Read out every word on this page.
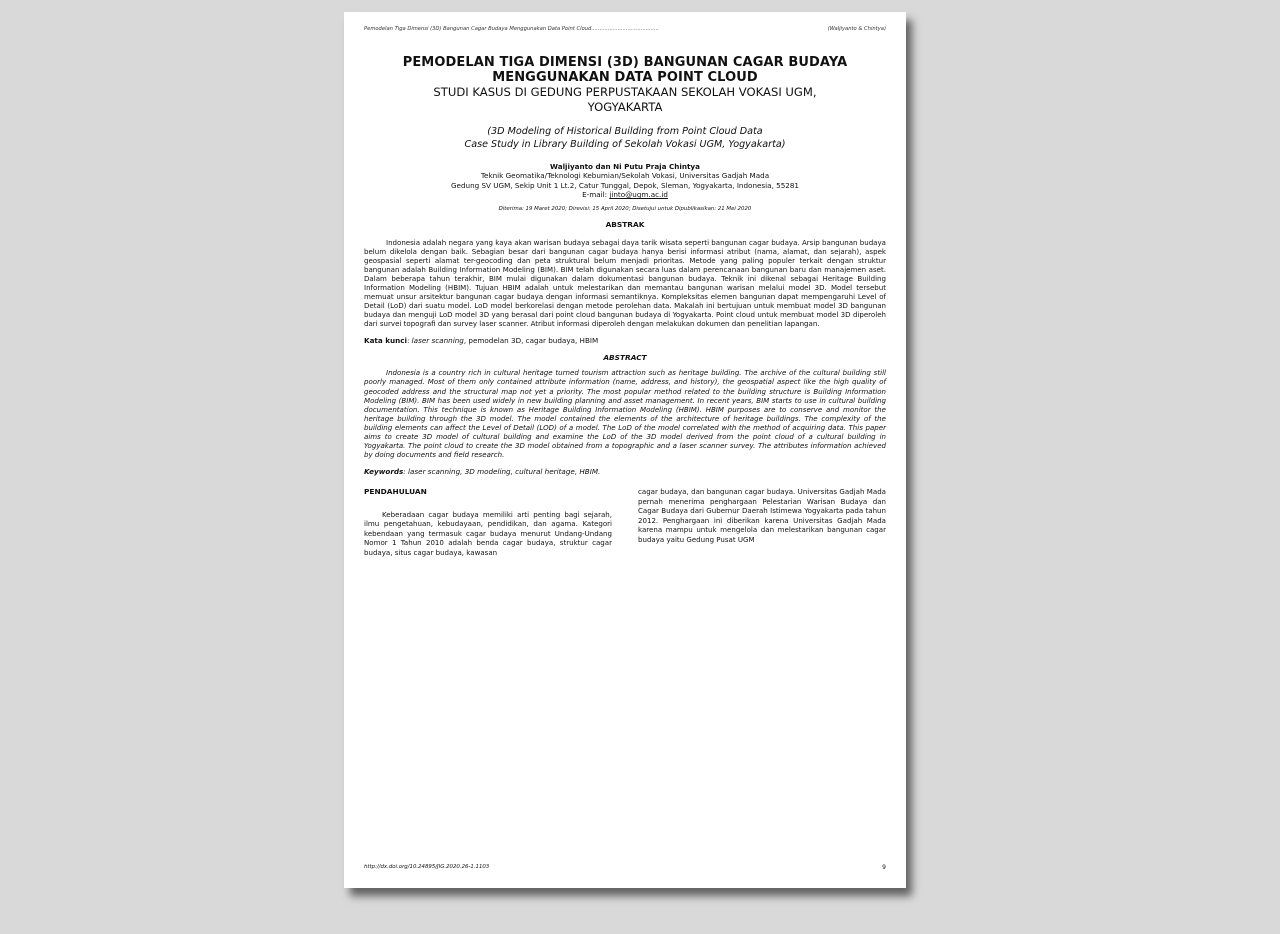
Pemodelan Tiga Dimensi (3D) Bangunan Cagar Budaya Menggunakan Data Point Cloud.........................................	(Waljiyanto & Chintya)
PEMODELAN TIGA DIMENSI (3D) BANGUNAN CAGAR BUDAYA
MENGGUNAKAN DATA POINT CLOUD
STUDI KASUS DI GEDUNG PERPUSTAKAAN SEKOLAH VOKASI UGM,
YOGYAKARTA
(3D Modeling of Historical Building from Point Cloud Data
Case Study in Library Building of Sekolah Vokasi UGM, Yogyakarta)
Waljiyanto dan Ni Putu Praja Chintya
Teknik Geomatika/Teknologi Kebumian/Sekolah Vokasi, Universitas Gadjah Mada
Gedung SV UGM, Sekip Unit 1 Lt.2, Catur Tunggal, Depok, Sleman, Yogyakarta, Indonesia, 55281
E-mail: jinto@ugm.ac.id
Diterima: 19 Maret 2020; Direvisi: 15 April 2020; Disetujui untuk Dipublikasikan: 21 Mei 2020
ABSTRAK
Indonesia adalah negara yang kaya akan warisan budaya sebagai daya tarik wisata seperti bangunan cagar budaya. Arsip bangunan budaya belum dikelola dengan baik. Sebagian besar dari bangunan cagar budaya hanya berisi informasi atribut (nama, alamat, dan sejarah), aspek geospasial seperti alamat ter-geocoding dan peta struktural belum menjadi prioritas. Metode yang paling populer terkait dengan struktur bangunan adalah Building Information Modeling (BIM). BIM telah digunakan secara luas dalam perencanaan bangunan baru dan manajemen aset. Dalam beberapa tahun terakhir, BIM mulai digunakan dalam dokumentasi bangunan budaya. Teknik ini dikenal sebagai Heritage Building Information Modeling (HBIM). Tujuan HBIM adalah untuk melestarikan dan memantau bangunan warisan melalui model 3D. Model tersebut memuat unsur arsitektur bangunan cagar budaya dengan informasi semantiknya. Kompleksitas elemen bangunan dapat mempengaruhi Level of Detail (LoD) dari suatu model. LoD model berkorelasi dengan metode perolehan data. Makalah ini bertujuan untuk membuat model 3D bangunan budaya dan menguji LoD model 3D yang berasal dari point cloud bangunan budaya di Yogyakarta. Point cloud untuk membuat model 3D diperoleh dari survei topografi dan survey laser scanner. Atribut informasi diperoleh dengan melakukan dokumen dan penelitian lapangan.
Kata kunci: laser scanning, pemodelan 3D, cagar budaya, HBIM
ABSTRACT
Indonesia is a country rich in cultural heritage turned tourism attraction such as heritage building. The archive of the cultural building still poorly managed. Most of them only contained attribute information (name, address, and history), the geospatial aspect like the high quality of geocoded address and the structural map not yet a priority. The most popular method related to the building structure is Building Information Modeling (BIM). BIM has been used widely in new building planning and asset management. In recent years, BIM starts to use in cultural building documentation. This technique is known as Heritage Building Information Modeling (HBIM). HBIM purposes are to conserve and monitor the heritage building through the 3D model. The model contained the elements of the architecture of heritage buildings. The complexity of the building elements can affect the Level of Detail (LOD) of a model. The LoD of the model correlated with the method of acquiring data. This paper aims to create 3D model of cultural building and examine the LoD of the 3D model derived from the point cloud of a cultural building in Yogyakarta. The point cloud to create the 3D model obtained from a topographic and a laser scanner survey. The attributes information achieved by doing documents and field research.
Keywords: laser scanning, 3D modeling, cultural heritage, HBIM.
PENDAHULUAN

Keberadaan cagar budaya memiliki arti penting bagi sejarah, ilmu pengetahuan, kebudayaan, pendidikan, dan agama. Kategori kebendaan yang termasuk cagar budaya menurut Undang-Undang Nomor 1 Tahun 2010 adalah benda cagar budaya, struktur cagar budaya, situs cagar budaya, kawasan

cagar budaya, dan bangunan cagar budaya. Universitas Gadjah Mada pernah menerima penghargaan Pelestarian Warisan Budaya dan Cagar Budaya dari Gubernur Daerah Istimewa Yogyakarta pada tahun 2012. Penghargaan ini diberikan karena Universitas Gadjah Mada karena mampu untuk mengelola dan melestarikan bangunan cagar budaya yaitu Gedung Pusat UGM

http://dx.doi.org/10.24895/JIG.2020.26-1.1103	9
